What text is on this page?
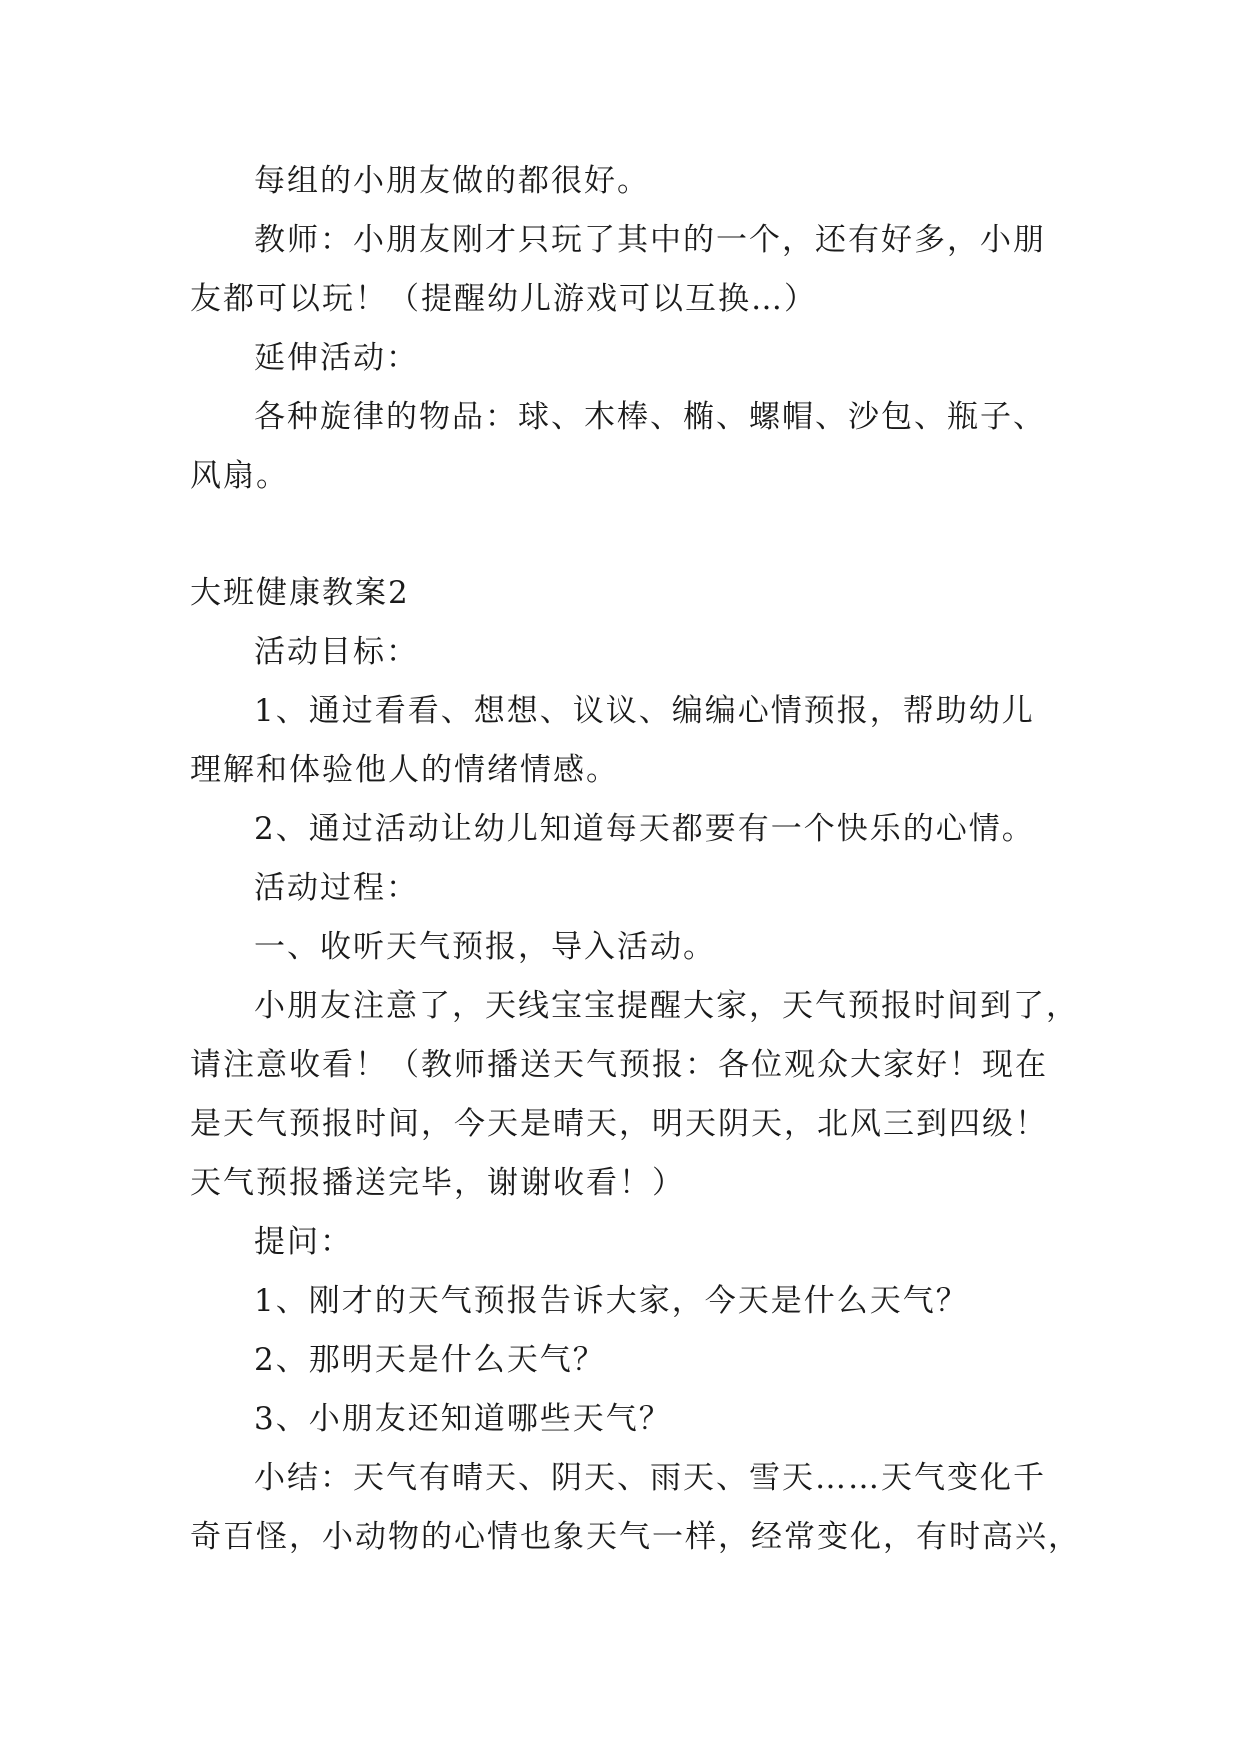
每组的小朋友做的都很好。
教师：小朋友刚才只玩了其中的一个，还有好多，小朋
友都可以玩！（提醒幼儿游戏可以互换…）
延伸活动：
各种旋律的物品：球、木棒、椭、螺帽、沙包、瓶子、
风扇。
大班健康教案2
活动目标：
1、通过看看、想想、议议、编编心情预报，帮助幼儿
理解和体验他人的情绪情感。
2、通过活动让幼儿知道每天都要有一个快乐的心情。
活动过程：
一、收听天气预报，导入活动。
小朋友注意了，天线宝宝提醒大家，天气预报时间到了，
请注意收看！（教师播送天气预报：各位观众大家好！现在
是天气预报时间，今天是晴天，明天阴天，北风三到四级！
天气预报播送完毕，谢谢收看！）
提问：
1、刚才的天气预报告诉大家，今天是什么天气？
2、那明天是什么天气？
3、小朋友还知道哪些天气？
小结：天气有晴天、阴天、雨天、雪天……天气变化千
奇百怪，小动物的心情也象天气一样，经常变化，有时高兴，
